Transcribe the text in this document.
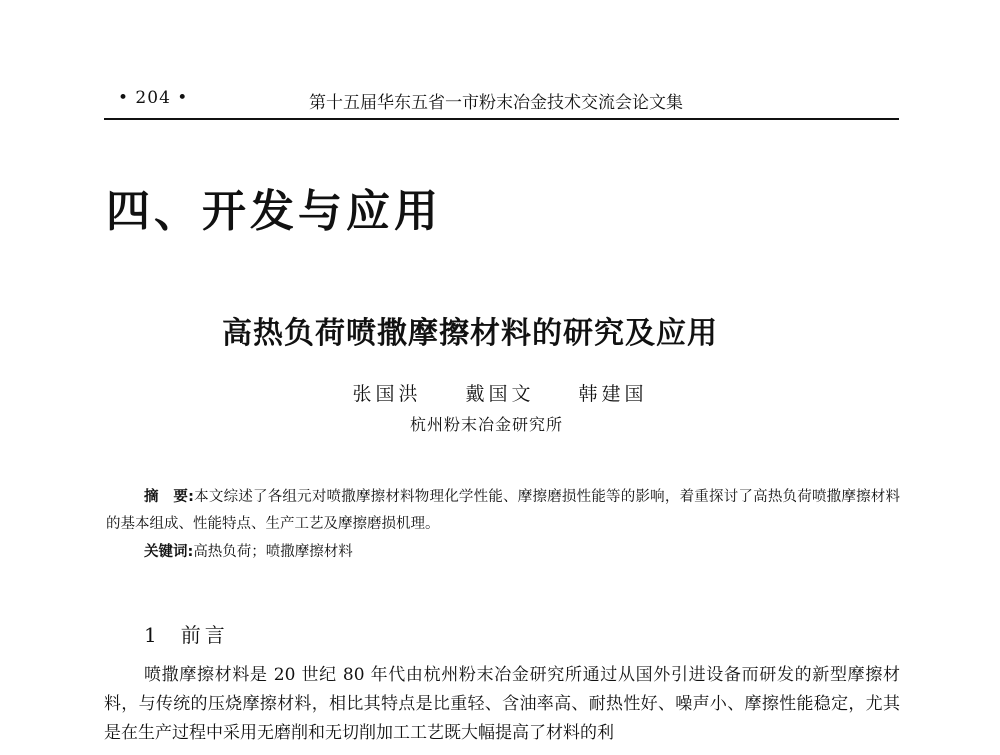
• 204 •	第十五届华东五省一市粉末冶金技术交流会论文集
四、开发与应用
高热负荷喷撒摩擦材料的研究及应用
张国洪 戴国文 韩建国
杭州粉末冶金研究所
摘　要:本文综述了各组元对喷撒摩擦材料物理化学性能、摩擦磨损性能等的影响，着重探讨了高热负荷喷撒摩擦材料的基本组成、性能特点、生产工艺及摩擦磨损机理。
关键词:高热负荷；喷撒摩擦材料
1 前言

喷撒摩擦材料是 20 世纪 80 年代由杭州粉末冶金研究所通过从国外引进设备而研发的新型摩擦材料，与传统的压烧摩擦材料，相比其特点是比重轻、含油率高、耐热性好、噪声小、摩擦性能稳定，尤其是在生产过程中采用无磨削和无切削加工工艺既大幅提高了材料的利
